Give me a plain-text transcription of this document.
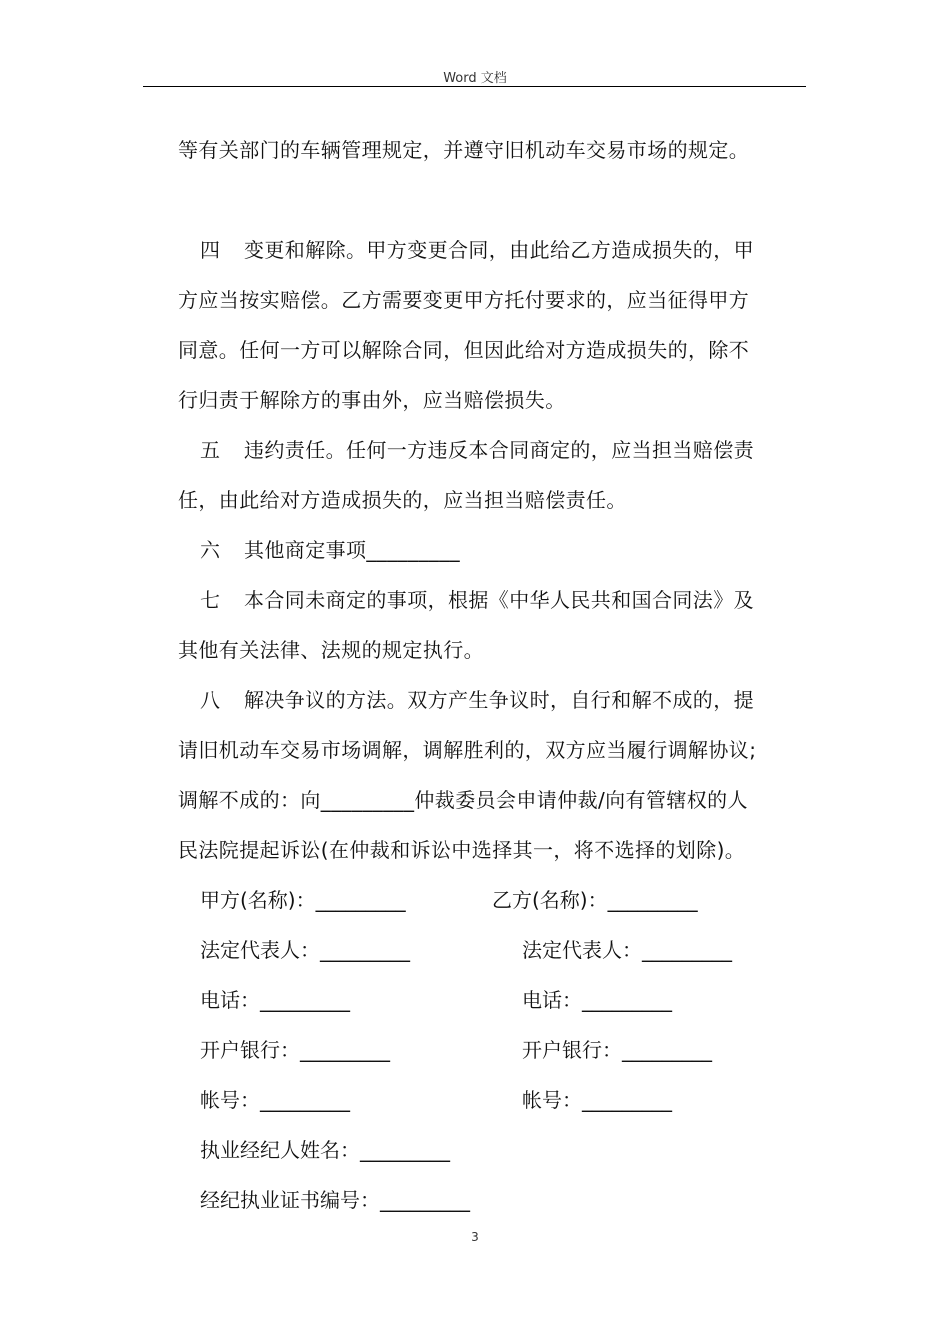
Word 文档
等有关部门的车辆管理规定，并遵守旧机动车交易市场的规定。
四 变更和解除。甲方变更合同，由此给乙方造成损失的，甲
方应当按实赔偿。乙方需要变更甲方托付要求的，应当征得甲方
同意。任何一方可以解除合同，但因此给对方造成损失的，除不
行归责于解除方的事由外，应当赔偿损失。
五 违约责任。任何一方违反本合同商定的，应当担当赔偿责
任，由此给对方造成损失的，应当担当赔偿责任。
六 其他商定事项_________
七 本合同未商定的事项，根据《中华人民共和国合同法》及
其他有关法律、法规的规定执行。
八 解决争议的方法。双方产生争议时，自行和解不成的，提
请旧机动车交易市场调解，调解胜利的，双方应当履行调解协议;
调解不成的：向_________仲裁委员会申请仲裁/向有管辖权的人
民法院提起诉讼(在仲裁和诉讼中选择其一，将不选择的划除)。
甲方(名称)：_________	乙方(名称)：_________
法定代表人：_________	法定代表人：_________
电话：_________	电话：_________
开户银行：_________	开户银行：_________
帐号：_________	帐号：_________
执业经纪人姓名：_________
经纪执业证书编号：_________
3
